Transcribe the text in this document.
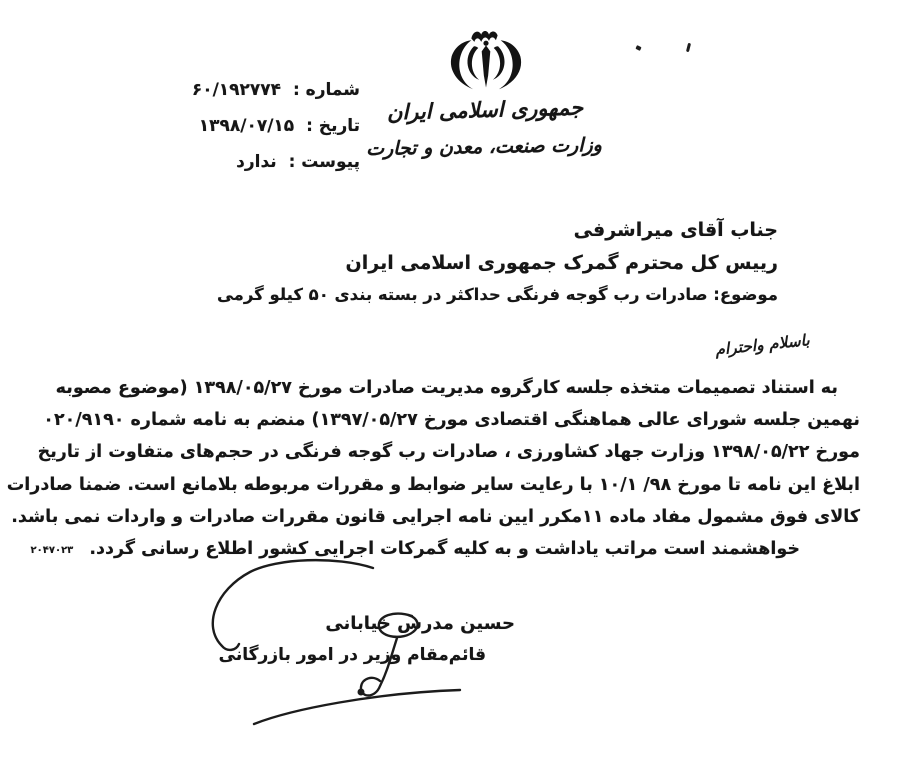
جمهوری اسلامی ایران
وزارت صنعت، معدن و تجارت
شماره : ۶۰/۱۹۲۷۷۴
تاریخ : ۱۳۹۸/۰۷/۱۵
پیوست : ندارد
جناب آقای میراشرفی
رییس کل محترم گمرک جمهوری اسلامی ایران
موضوع: صادرات رب گوجه فرنگی حداکثر در بسته بندی ۵۰ کیلو گرمی
باسلام واحترام
به استناد تصمیمات متخذه جلسه کارگروه مدیریت صادرات مورخ ۱۳۹۸/۰۵/۲۷ (موضوع مصوبه
نهمین جلسه شورای عالی هماهنگی اقتصادی مورخ ۱۳۹۷/۰۵/۲۷) منضم به نامه شماره ۰۲۰/۹۱۹۰
مورخ ۱۳۹۸/۰۵/۲۲ وزارت جهاد کشاورزی ، صادرات رب گوجه فرنگی در حجم‌های متفاوت از تاریخ
ابلاغ این نامه تا مورخ ۹۸/ ۱۰/۱ با رعایت سایر ضوابط و مقررات مربوطه بلامانع است. ضمنا صادرات
کالای فوق مشمول مفاد ماده ۱۱مکرر ایین نامه اجرایی قانون مقررات صادرات و واردات نمی باشد.
خواهشمند است مراتب یاداشت و به کلیه گمرکات اجرایی کشور اطلاع رسانی گردد. ۲۰۴۷۰۲۳
حسین مدرس خیابانی
قائم‌مقام وزیر در امور بازرگانی
